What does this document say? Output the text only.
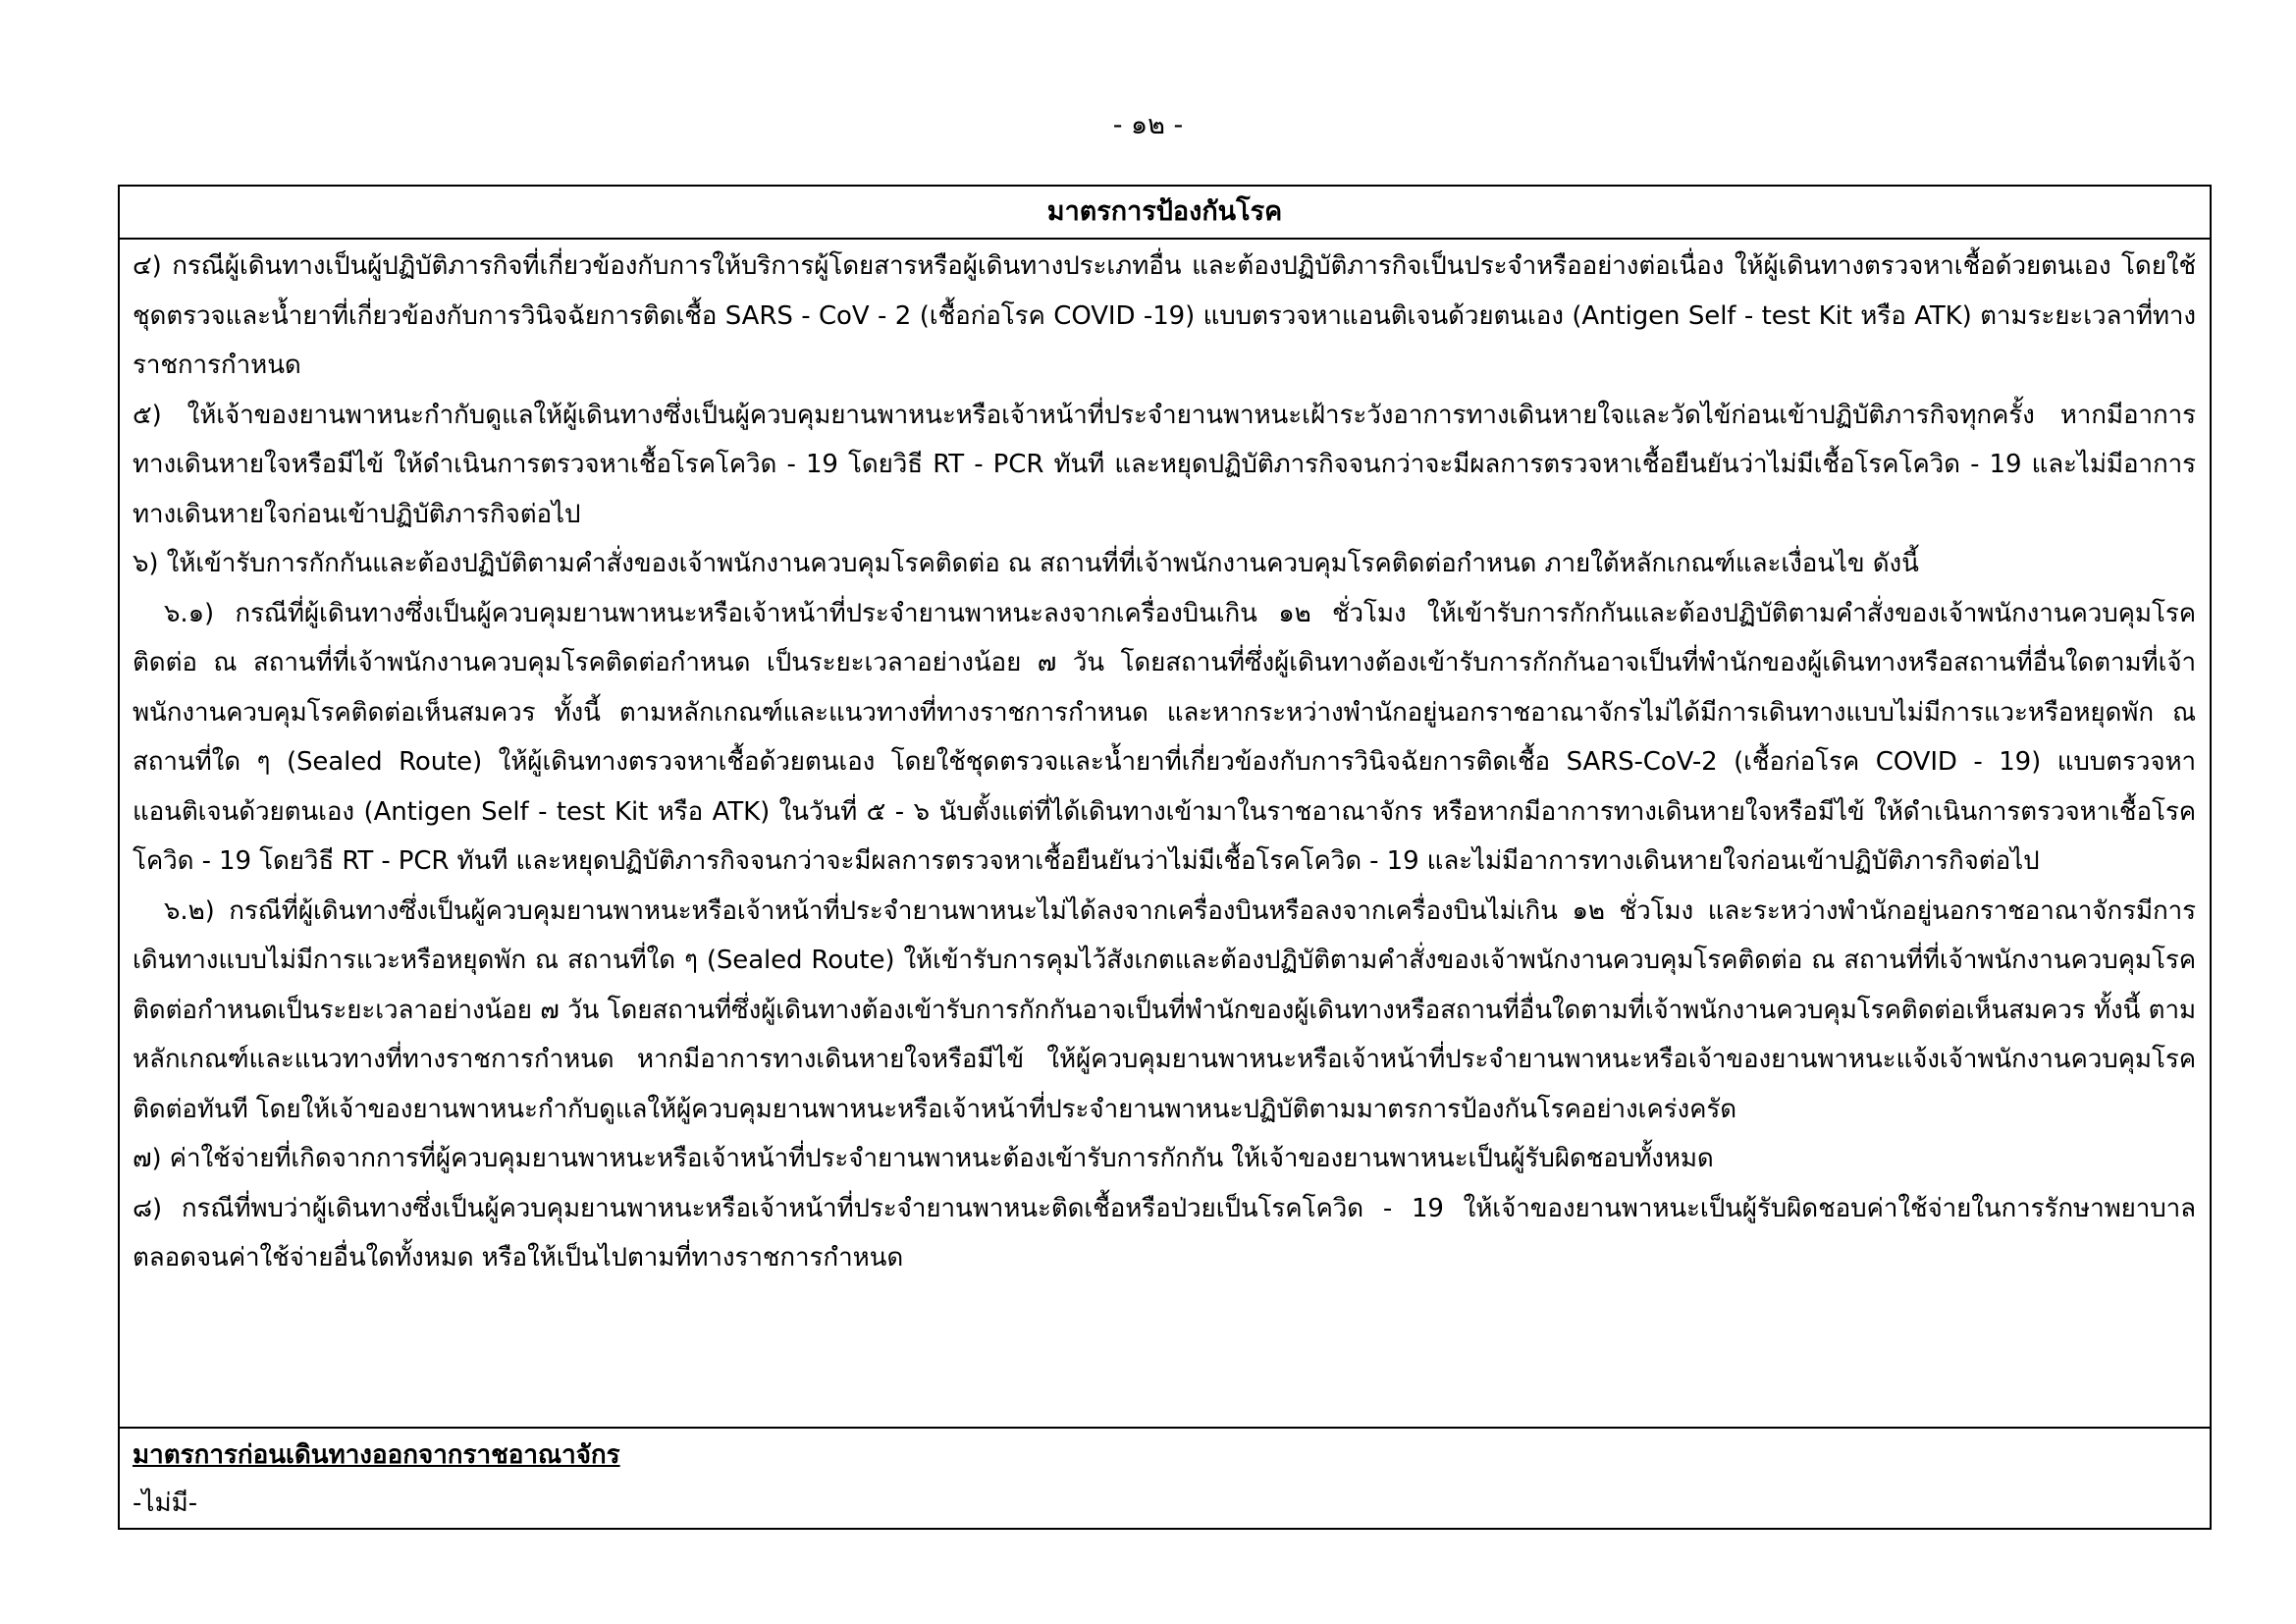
- ๑๒ -
มาตรการป้องกันโรค

๔) กรณีผู้เดินทางเป็นผู้ปฏิบัติภารกิจที่เกี่ยวข้องกับการให้บริการผู้โดยสารหรือผู้เดินทางประเภทอื่น และต้องปฏิบัติภารกิจเป็นประจำหรืออย่างต่อเนื่อง ให้ผู้เดินทางตรวจหาเชื้อด้วยตนเอง โดยใช้ชุดตรวจและน้ำยาที่เกี่ยวข้องกับการวินิจฉัยการติดเชื้อ SARS - CoV - 2 (เชื้อก่อโรค COVID -19) แบบตรวจหาแอนติเจนด้วยตนเอง (Antigen Self - test Kit หรือ ATK) ตามระยะเวลาที่ทางราชการกำหนด

๕) ให้เจ้าของยานพาหนะกำกับดูแลให้ผู้เดินทางซึ่งเป็นผู้ควบคุมยานพาหนะหรือเจ้าหน้าที่ประจำยานพาหนะเฝ้าระวังอาการทางเดินหายใจและวัดไข้ก่อนเข้าปฏิบัติภารกิจทุกครั้ง หากมีอาการทางเดินหายใจหรือมีไข้ ให้ดำเนินการตรวจหาเชื้อโรคโควิด - 19 โดยวิธี RT - PCR ทันที และหยุดปฏิบัติภารกิจจนกว่าจะมีผลการตรวจหาเชื้อยืนยันว่าไม่มีเชื้อโรคโควิด - 19 และไม่มีอาการทางเดินหายใจก่อนเข้าปฏิบัติภารกิจต่อไป

๖) ให้เข้ารับการกักกันและต้องปฏิบัติตามคำสั่งของเจ้าพนักงานควบคุมโรคติดต่อ ณ สถานที่ที่เจ้าพนักงานควบคุมโรคติดต่อกำหนด ภายใต้หลักเกณฑ์และเงื่อนไข ดังนี้

๖.๑) กรณีที่ผู้เดินทางซึ่งเป็นผู้ควบคุมยานพาหนะหรือเจ้าหน้าที่ประจำยานพาหนะลงจากเครื่องบินเกิน ๑๒ ชั่วโมง ให้เข้ารับการกักกันและต้องปฏิบัติตามคำสั่งของเจ้าพนักงานควบคุมโรคติดต่อ ณ สถานที่ที่เจ้าพนักงานควบคุมโรคติดต่อกำหนด เป็นระยะเวลาอย่างน้อย ๗ วัน โดยสถานที่ซึ่งผู้เดินทางต้องเข้ารับการกักกันอาจเป็นที่พำนักของผู้เดินทางหรือสถานที่อื่นใดตามที่เจ้าพนักงานควบคุมโรคติดต่อเห็นสมควร ทั้งนี้ ตามหลักเกณฑ์และแนวทางที่ทางราชการกำหนด และหากระหว่างพำนักอยู่นอกราชอาณาจักรไม่ได้มีการเดินทางแบบไม่มีการแวะหรือหยุดพัก ณ สถานที่ใด ๆ (Sealed Route) ให้ผู้เดินทางตรวจหาเชื้อด้วยตนเอง โดยใช้ชุดตรวจและน้ำยาที่เกี่ยวข้องกับการวินิจฉัยการติดเชื้อ SARS-CoV-2 (เชื้อก่อโรค COVID - 19) แบบตรวจหาแอนติเจนด้วยตนเอง (Antigen Self - test Kit หรือ ATK) ในวันที่ ๕ - ๖ นับตั้งแต่ที่ได้เดินทางเข้ามาในราชอาณาจักร หรือหากมีอาการทางเดินหายใจหรือมีไข้ ให้ดำเนินการตรวจหาเชื้อโรคโควิด - 19 โดยวิธี RT - PCR ทันที และหยุดปฏิบัติภารกิจจนกว่าจะมีผลการตรวจหาเชื้อยืนยันว่าไม่มีเชื้อโรคโควิด - 19 และไม่มีอาการทางเดินหายใจก่อนเข้าปฏิบัติภารกิจต่อไป

๖.๒) กรณีที่ผู้เดินทางซึ่งเป็นผู้ควบคุมยานพาหนะหรือเจ้าหน้าที่ประจำยานพาหนะไม่ได้ลงจากเครื่องบินหรือลงจากเครื่องบินไม่เกิน ๑๒ ชั่วโมง และระหว่างพำนักอยู่นอกราชอาณาจักรมีการเดินทางแบบไม่มีการแวะหรือหยุดพัก ณ สถานที่ใด ๆ (Sealed Route) ให้เข้ารับการคุมไว้สังเกตและต้องปฏิบัติตามคำสั่งของเจ้าพนักงานควบคุมโรคติดต่อ ณ สถานที่ที่เจ้าพนักงานควบคุมโรคติดต่อกำหนดเป็นระยะเวลาอย่างน้อย ๗ วัน โดยสถานที่ซึ่งผู้เดินทางต้องเข้ารับการกักกันอาจเป็นที่พำนักของผู้เดินทางหรือสถานที่อื่นใดตามที่เจ้าพนักงานควบคุมโรคติดต่อเห็นสมควร ทั้งนี้ ตามหลักเกณฑ์และแนวทางที่ทางราชการกำหนด หากมีอาการทางเดินหายใจหรือมีไข้ ให้ผู้ควบคุมยานพาหนะหรือเจ้าหน้าที่ประจำยานพาหนะหรือเจ้าของยานพาหนะแจ้งเจ้าพนักงานควบคุมโรคติดต่อทันที โดยให้เจ้าของยานพาหนะกำกับดูแลให้ผู้ควบคุมยานพาหนะหรือเจ้าหน้าที่ประจำยานพาหนะปฏิบัติตามมาตรการป้องกันโรคอย่างเคร่งครัด

๗) ค่าใช้จ่ายที่เกิดจากการที่ผู้ควบคุมยานพาหนะหรือเจ้าหน้าที่ประจำยานพาหนะต้องเข้ารับการกักกัน ให้เจ้าของยานพาหนะเป็นผู้รับผิดชอบทั้งหมด

๘) กรณีที่พบว่าผู้เดินทางซึ่งเป็นผู้ควบคุมยานพาหนะหรือเจ้าหน้าที่ประจำยานพาหนะติดเชื้อหรือป่วยเป็นโรคโควิด - 19 ให้เจ้าของยานพาหนะเป็นผู้รับผิดชอบค่าใช้จ่ายในการรักษาพยาบาล ตลอดจนค่าใช้จ่ายอื่นใดทั้งหมด หรือให้เป็นไปตามที่ทางราชการกำหนด

มาตรการก่อนเดินทางออกจากราชอาณาจักร
-ไม่มี-
